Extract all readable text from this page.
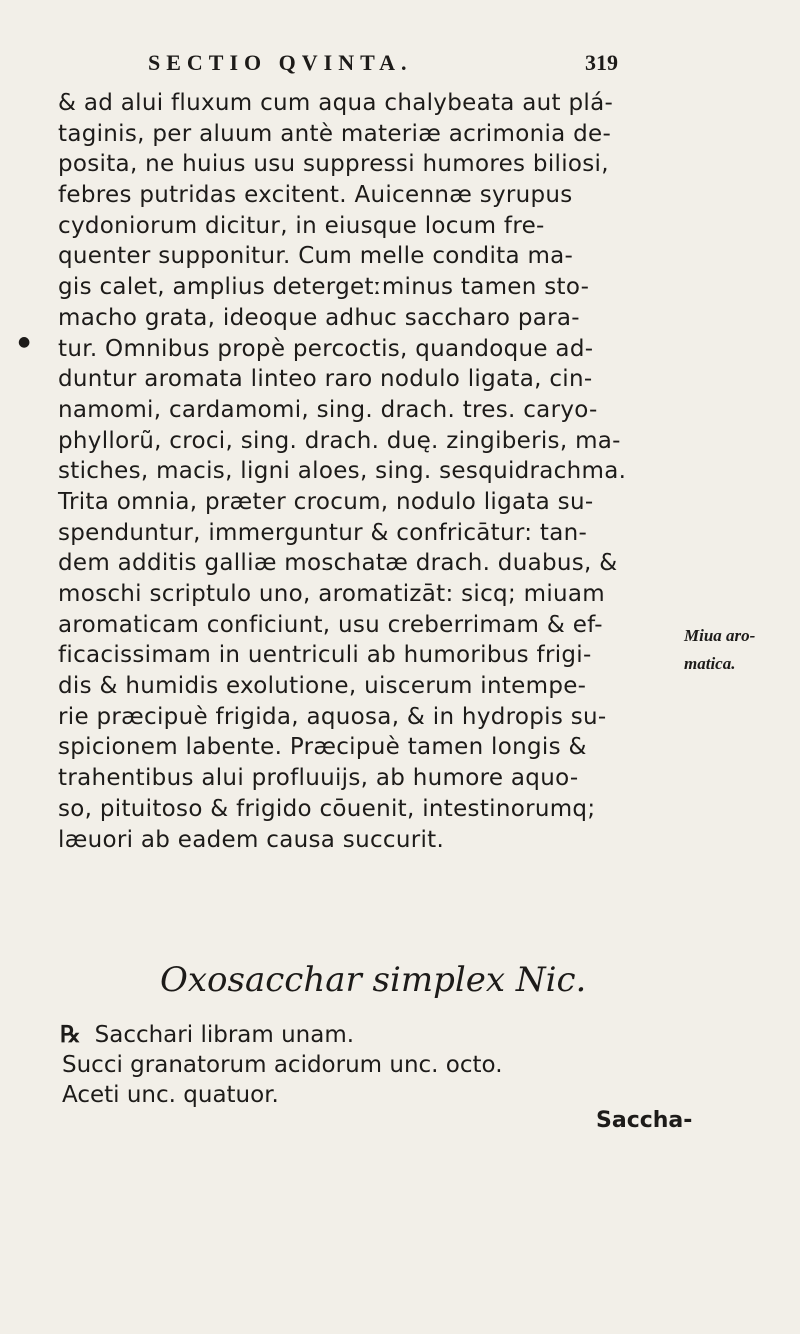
SECTIO QVINTA.	319
●
& ad alui fluxum cum aqua chalybeata aut plá-
taginis, per aluum antè materiæ acrimonia de-
posita, ne huius usu suppressi humores biliosi,
febres putridas excitent. Auicennæ syrupus
cydoniorum dicitur, in eiusque locum fre-
quenter supponitur. Cum melle condita ma-
gis calet, amplius detergetːminus tamen sto-
macho grata, ideoque adhuc saccharo para-
tur. Omnibus propè percoctis, quandoque ad-
duntur aromata linteo raro nodulo ligata, cin-
namomi, cardamomi, sing. drach. tres. caryo-
phyllorũ, croci, sing. drach. duę. zingiberis, ma-
stiches, macis, ligni aloes, sing. sesquidrachma.
Trita omnia, præter crocum, nodulo ligata su-
spenduntur, immerguntur & confricātur: tan-
dem additis galliæ moschatæ drach. duabus, &
moschi scriptulo uno, aromatizāt: sicq; miuam
aromaticam conficiunt, usu creberrimam & ef-
ficacissimam in uentriculi ab humoribus frigi-
dis & humidis exolutione, uiscerum intempe-
rie præcipuè frigida, aquosa, & in hydropis su-
spicionem labente. Præcipuè tamen longis &
trahentibus alui profluuijs, ab humore aquo-
so, pituitoso & frigido cōuenit, intestinorumq;
læuori ab eadem causa succurit.
Miua aro-
matica.
Oxosacchar simplex Nic.
℞ Sacchari libram unam.
Succi granatorum acidorum unc. octo.
Aceti unc. quatuor.
Saccha-
